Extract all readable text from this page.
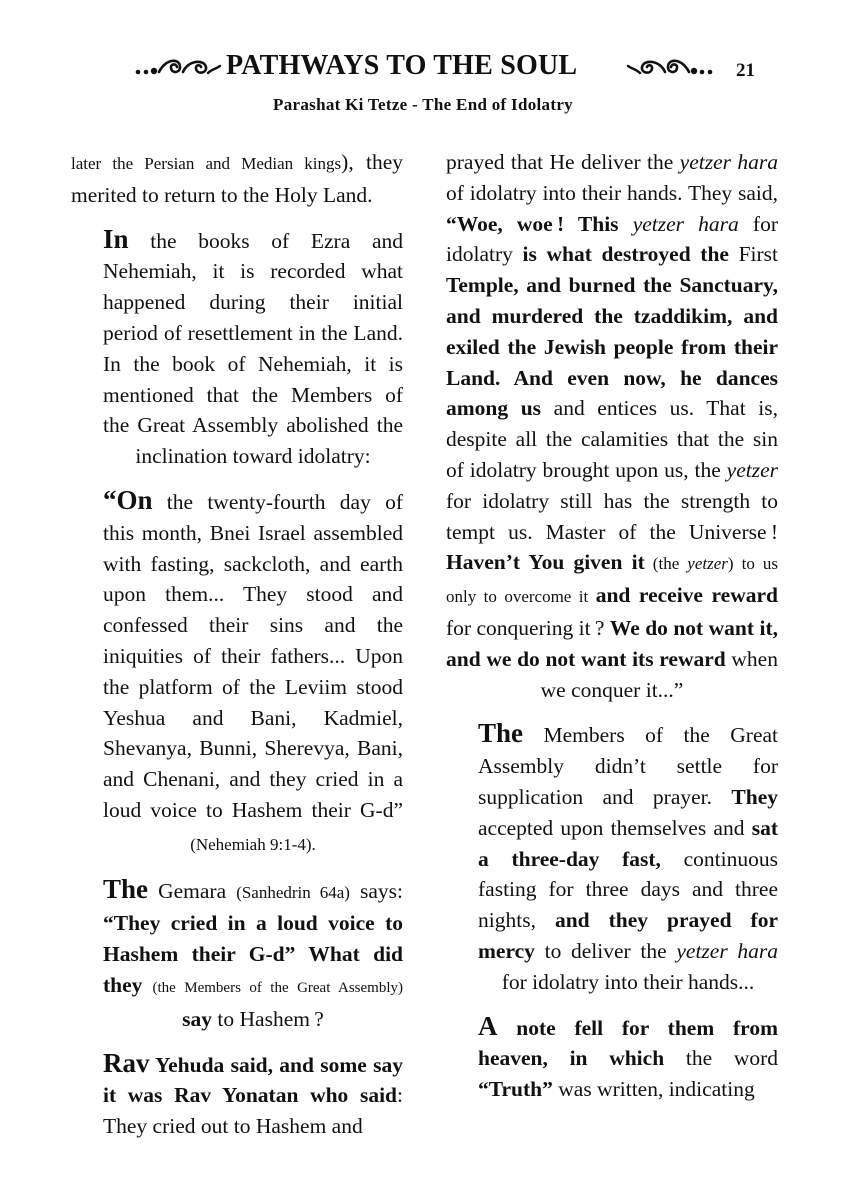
PATHWAYS TO THE SOUL	21
Parashat Ki Tetze - The End of Idolatry

later the Persian and Median kings), they merited to return to the Holy Land.

In the books of Ezra and Nehemiah, it is recorded what happened during their initial period of resettlement in the Land. In the book of Nehemiah, it is mentioned that the Members of the Great Assembly abolished the inclination toward idolatry:

“On the twenty-fourth day of this month, Bnei Israel assembled with fasting, sackcloth, and earth upon them... They stood and confessed their sins and the iniquities of their fathers... Upon the platform of the Leviim stood Yeshua and Bani, Kadmiel, Shevanya, Bunni, Sherevya, Bani, and Chenani, and they cried in a loud voice to Hashem their G-d” (Nehemiah 9:1-4).

The Gemara (Sanhedrin 64a) says: “They cried in a loud voice to Hashem their G-d” What did they (the Members of the Great Assembly) say to Hashem ?

Rav Yehuda said, and some say it was Rav Yonatan who said: They cried out to Hashem and

prayed that He deliver the yetzer hara of idolatry into their hands. They said, “Woe, woe ! This yetzer hara for idolatry is what destroyed the First Temple, and burned the Sanctuary, and murdered the tzaddikim, and exiled the Jewish people from their Land. And even now, he dances among us and entices us. That is, despite all the calamities that the sin of idolatry brought upon us, the yetzer for idolatry still has the strength to tempt us. Master of the Universe ! Haven’t You given it (the yetzer) to us only to overcome it and receive reward for conquering it ? We do not want it, and we do not want its reward when we conquer it...”

The Members of the Great Assembly didn’t settle for supplication and prayer. They accepted upon themselves and sat a three-day fast, continuous fasting for three days and three nights, and they prayed for mercy to deliver the yetzer hara for idolatry into their hands...

A note fell for them from heaven, in which the word “Truth” was written, indicating
